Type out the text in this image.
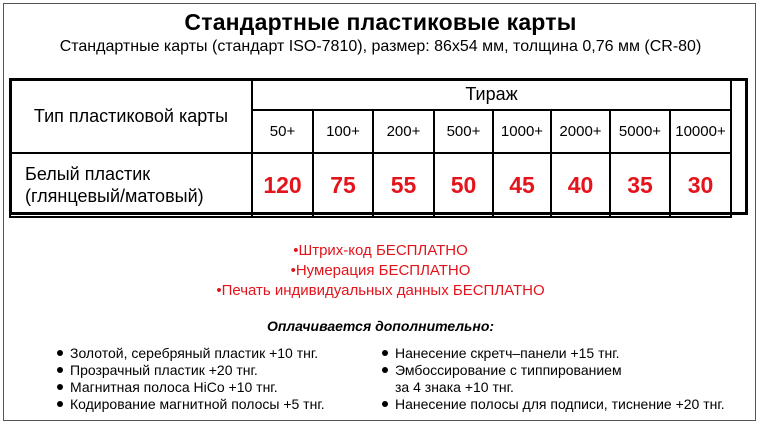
Стандартные пластиковые карты
Стандартные карты (стандарт ISO-7810), размер: 86x54 мм, толщина 0,76 мм (CR-80)
Тип пластиковой карты
Тираж
50+	100+	200+	500+	1000+	2000+	5000+ 10000+
Белый пластик
(глянцевый/матовый)	120	75	55	50	45	40	35	30
•Штрих-код БЕСПЛАТНО
•Нумерация БЕСПЛАТНО
•Печать индивидуальных данных БЕСПЛАТНО
Оплачивается дополнительно:
Золотой, серебряный пластик +10 тнг.
Прозрачный пластик +20 тнг.
Магнитная полоса HiCo +10 тнг.
Кодирование магнитной полосы +5 тнг.
Нанесение скретч–панели +15 тнг.
Эмбоссирование с типпированием
за 4 знака +10 тнг.
Нанесение полосы для подписи, тиснение +20 тнг.
